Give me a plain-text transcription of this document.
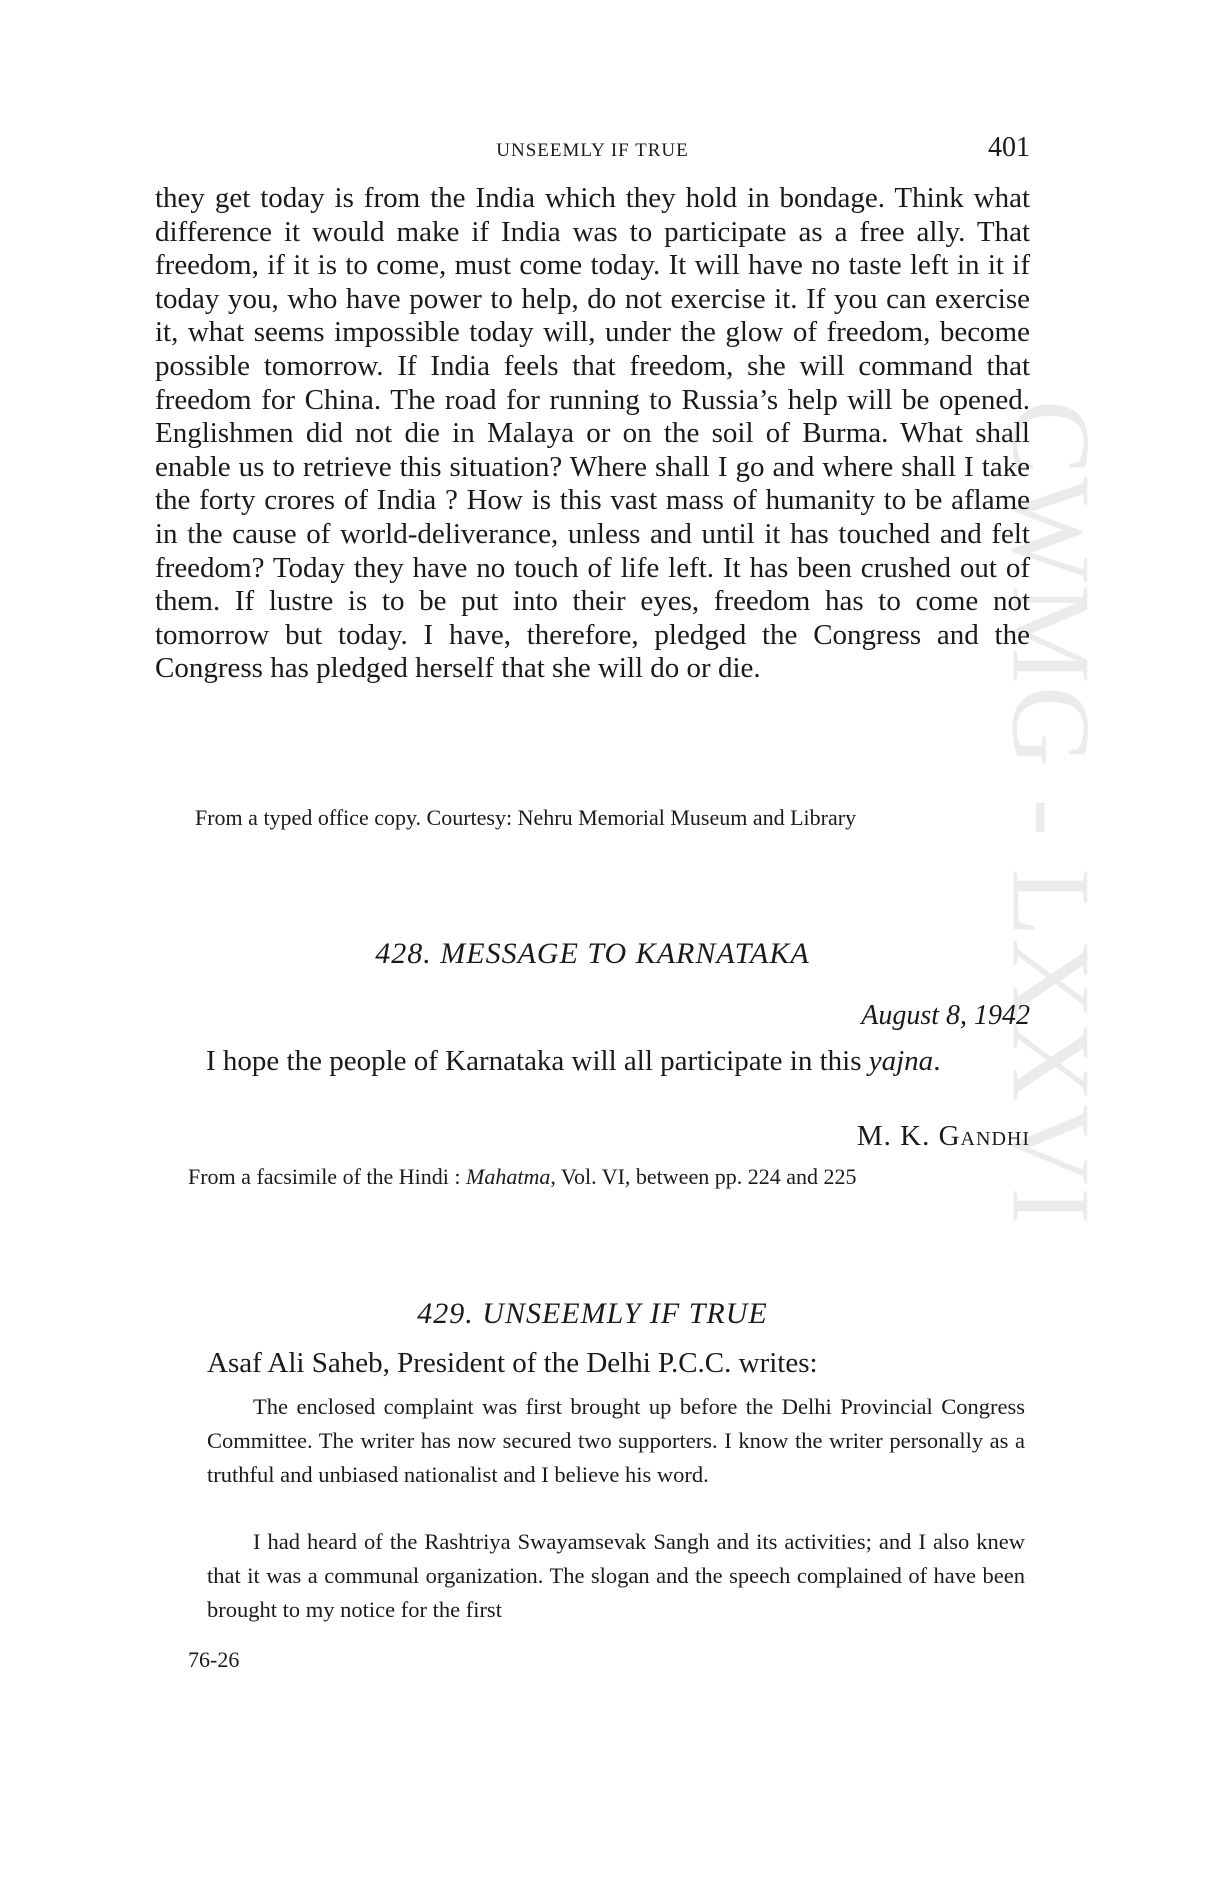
CWMG - LXXVI
UNSEEMLY IF TRUE	401

they get today is from the India which they hold in bondage. Think what difference it would make if India was to participate as a free ally. That freedom, if it is to come, must come today. It will have no taste left in it if today you, who have power to help, do not exercise it. If you can exercise it, what seems impossible today will, under the glow of freedom, become possible tomorrow. If India feels that freedom, she will command that freedom for China. The road for running to Russia’s help will be opened. Englishmen did not die in Malaya or on the soil of Burma. What shall enable us to retrieve this situation? Where shall I go and where shall I take the forty crores of India ? How is this vast mass of humanity to be aflame in the cause of world-deliverance, unless and until it has touched and felt freedom? Today they have no touch of life left. It has been crushed out of them. If lustre is to be put into their eyes, freedom has to come not tomorrow but today. I have, therefore, pledged the Congress and the Congress has pledged herself that she will do or die.

From a typed office copy. Courtesy: Nehru Memorial Museum and Library

428. MESSAGE TO KARNATAKA
August 8, 1942

I hope the people of Karnataka will all participate in this yajna.

M. K. Gandhi

From a facsimile of the Hindi : Mahatma, Vol. VI, between pp. 224 and 225

429. UNSEEMLY IF TRUE
Asaf Ali Saheb, President of the Delhi P.C.C. writes:

The enclosed complaint was first brought up before the Delhi Provincial Congress Committee. The writer has now secured two supporters. I know the writer personally as a truthful and unbiased nationalist and I believe his word.

I had heard of the Rashtriya Swayamsevak Sangh and its activities; and I also knew that it was a communal organization. The slogan and the speech complained of have been brought to my notice for the first

76-26
